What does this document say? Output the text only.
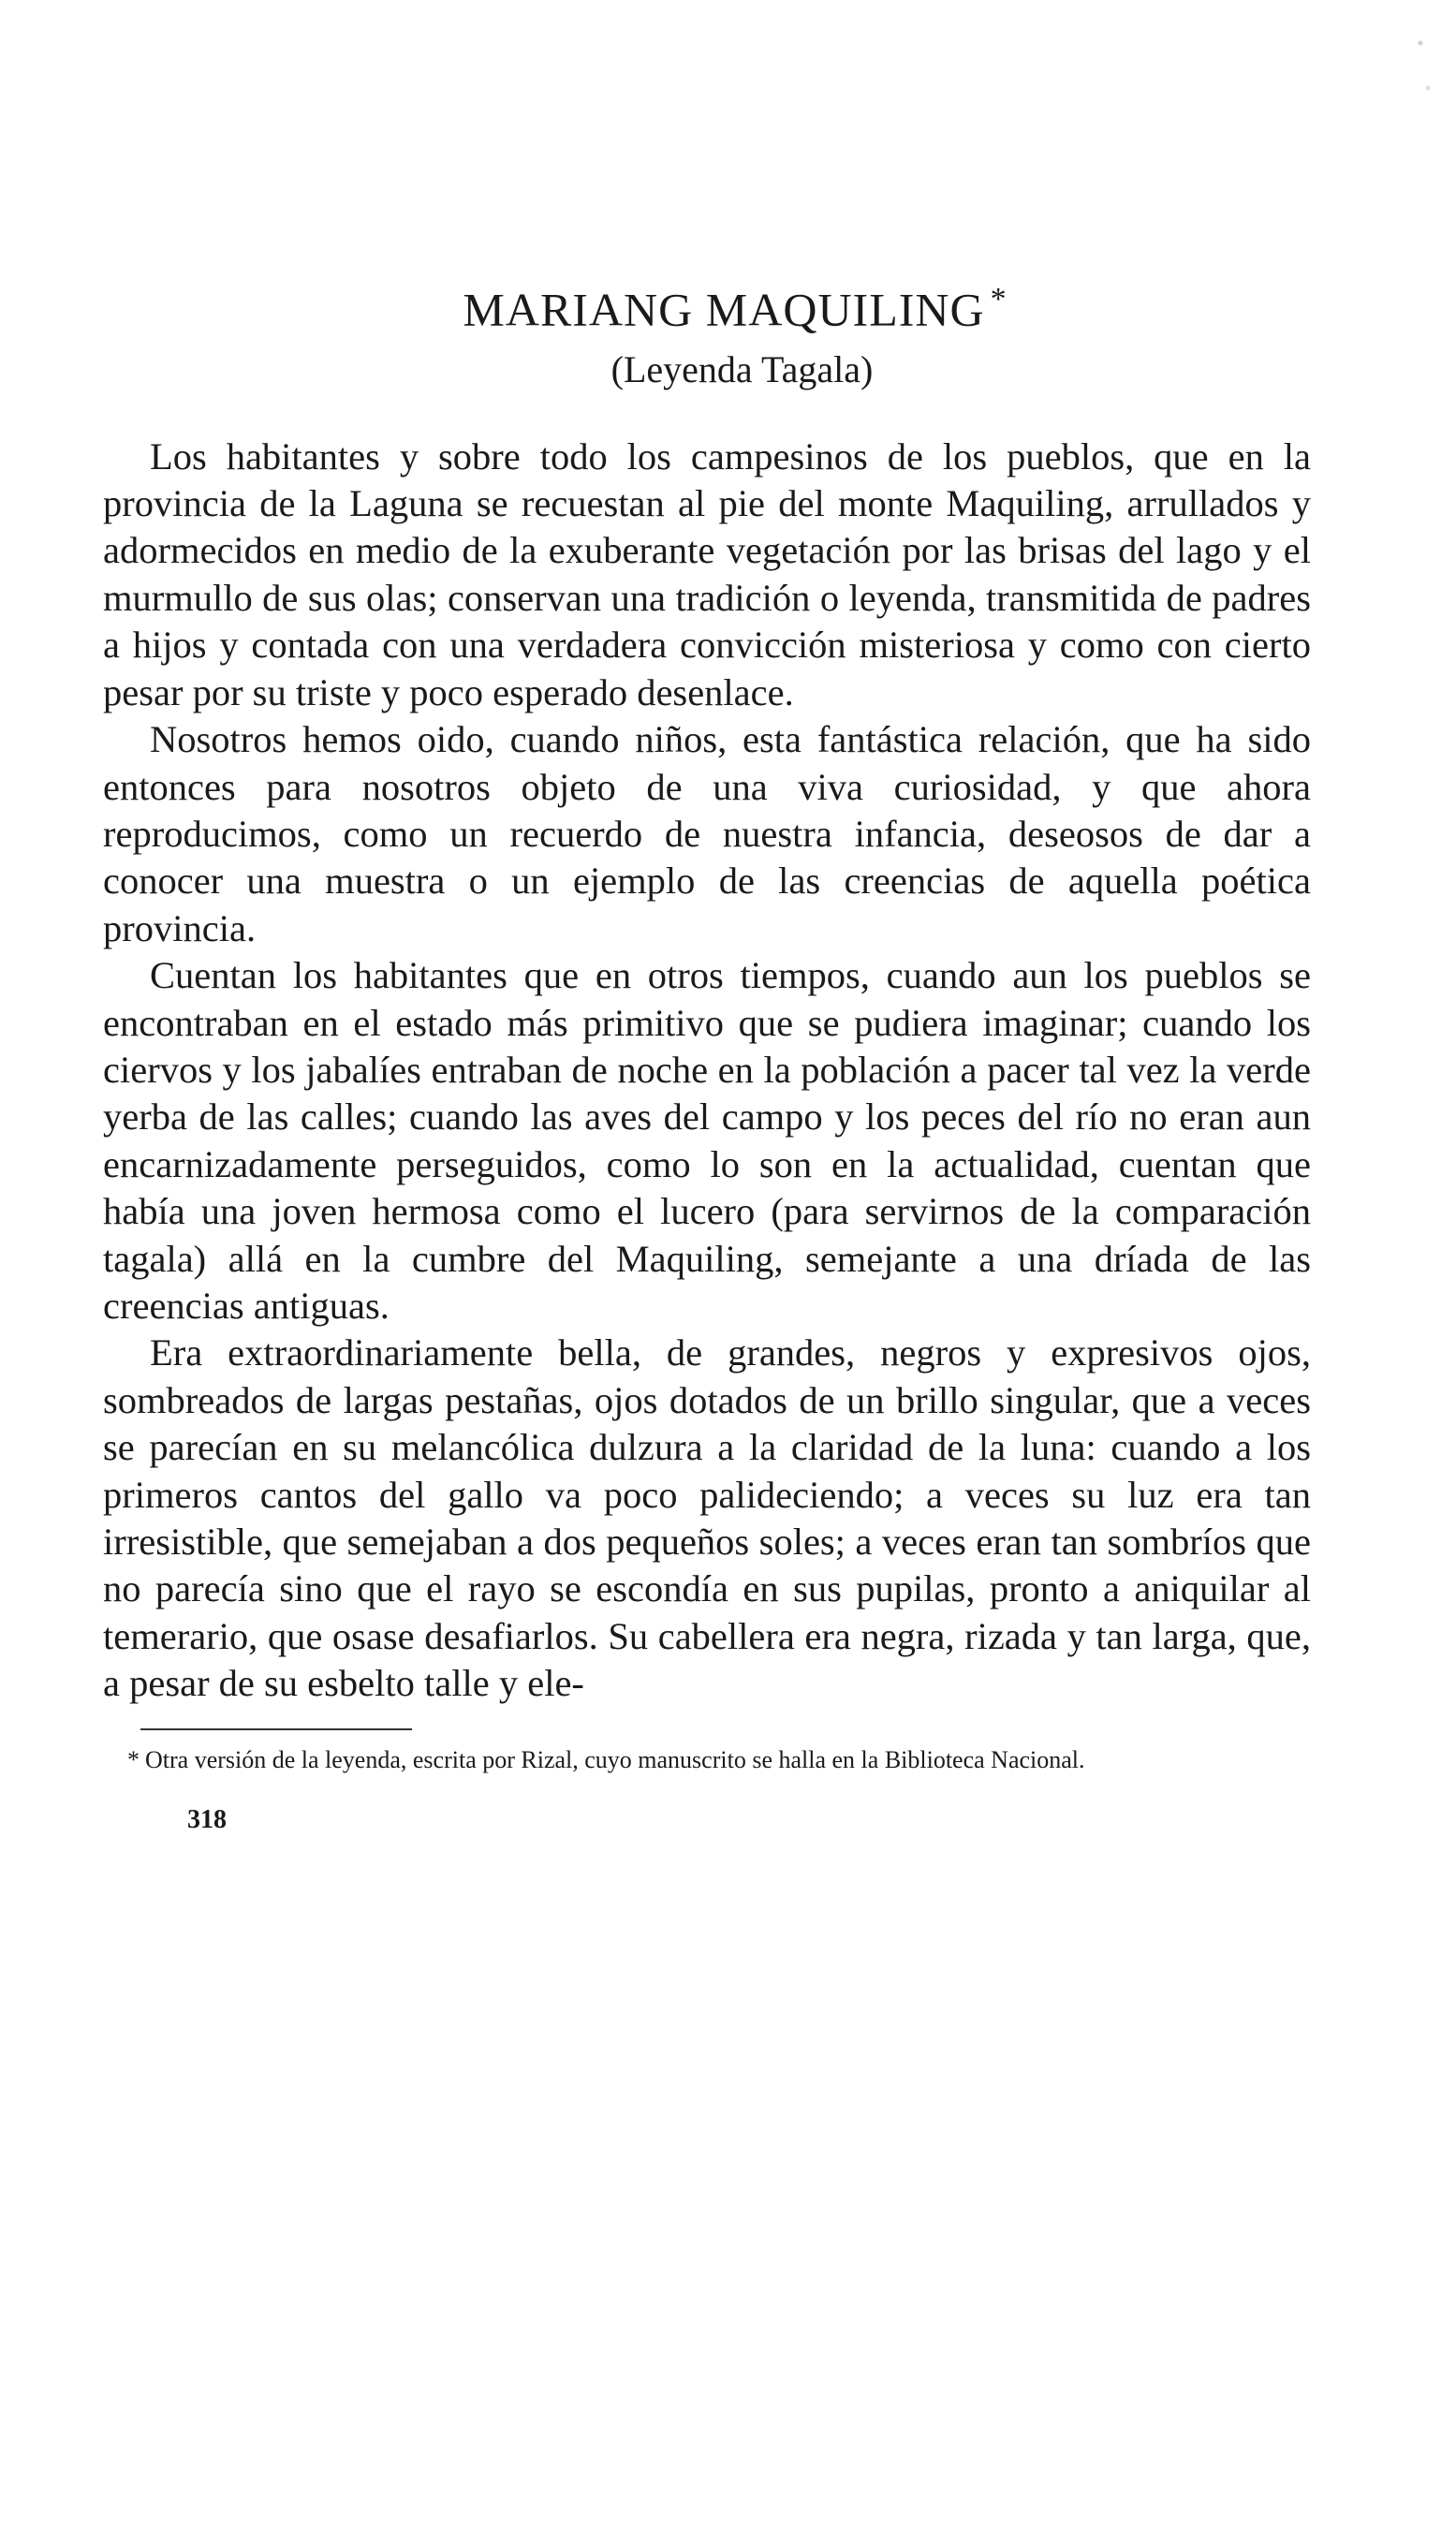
MARIANG MAQUILING *
(Leyenda Tagala)

Los habitantes y sobre todo los campesinos de los pueblos, que en la provincia de la Laguna se recuestan al pie del monte Maquiling, arrullados y adormecidos en medio de la exuberante vegetación por las brisas del lago y el murmullo de sus olas; conservan una tradición o leyenda, transmitida de padres a hijos y contada con una verdadera convicción misteriosa y como con cierto pesar por su triste y poco esperado desenlace.

Nosotros hemos oido, cuando niños, esta fantástica relación, que ha sido entonces para nosotros objeto de una viva curiosidad, y que ahora reproducimos, como un recuerdo de nuestra infancia, deseosos de dar a conocer una muestra o un ejemplo de las creencias de aquella poética provincia.

Cuentan los habitantes que en otros tiempos, cuando aun los pueblos se encontraban en el estado más primitivo que se pudiera imaginar; cuando los ciervos y los jabalíes entraban de noche en la población a pacer tal vez la verde yerba de las calles; cuando las aves del campo y los peces del río no eran aun encarnizadamente perseguidos, como lo son en la actualidad, cuentan que había una joven hermosa como el lucero (para servirnos de la comparación tagala) allá en la cumbre del Maquiling, semejante a una dríada de las creencias antiguas.

Era extraordinariamente bella, de grandes, negros y expresivos ojos, sombreados de largas pestañas, ojos dotados de un brillo singular, que a veces se parecían en su melancólica dulzura a la claridad de la luna: cuando a los primeros cantos del gallo va poco palideciendo; a veces su luz era tan irresistible, que semejaban a dos pequeños soles; a veces eran tan sombríos que no parecía sino que el rayo se escondía en sus pupilas, pronto a aniquilar al temerario, que osase desafiarlos. Su cabellera era negra, rizada y tan larga, que, a pesar de su esbelto talle y ele-

* Otra versión de la leyenda, escrita por Rizal, cuyo manuscrito se halla en la Biblioteca Nacional.

318
